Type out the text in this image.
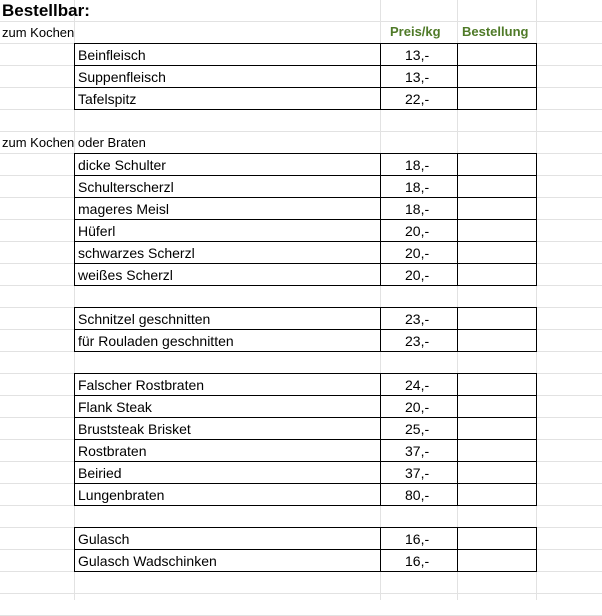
Bestellbar:
Preis/kg Bestellung
zum Kochen
Beinfleisch	13,-
Suppenfleisch	13,-
Tafelspitz	22,-
zum Kochen oder Braten
dicke Schulter	18,-
Schulterscherzl	18,-
mageres Meisl	18,-
Hüferl	20,-
schwarzes Scherzl	20,-
weißes Scherzl	20,-
Schnitzel geschnitten	23,-
für Rouladen geschnitten	23,-
Falscher Rostbraten	24,-
Flank Steak	20,-
Bruststeak Brisket	25,-
Rostbraten	37,-
Beiried	37,-
Lungenbraten	80,-
Gulasch	16,-
Gulasch Wadschinken	16,-
